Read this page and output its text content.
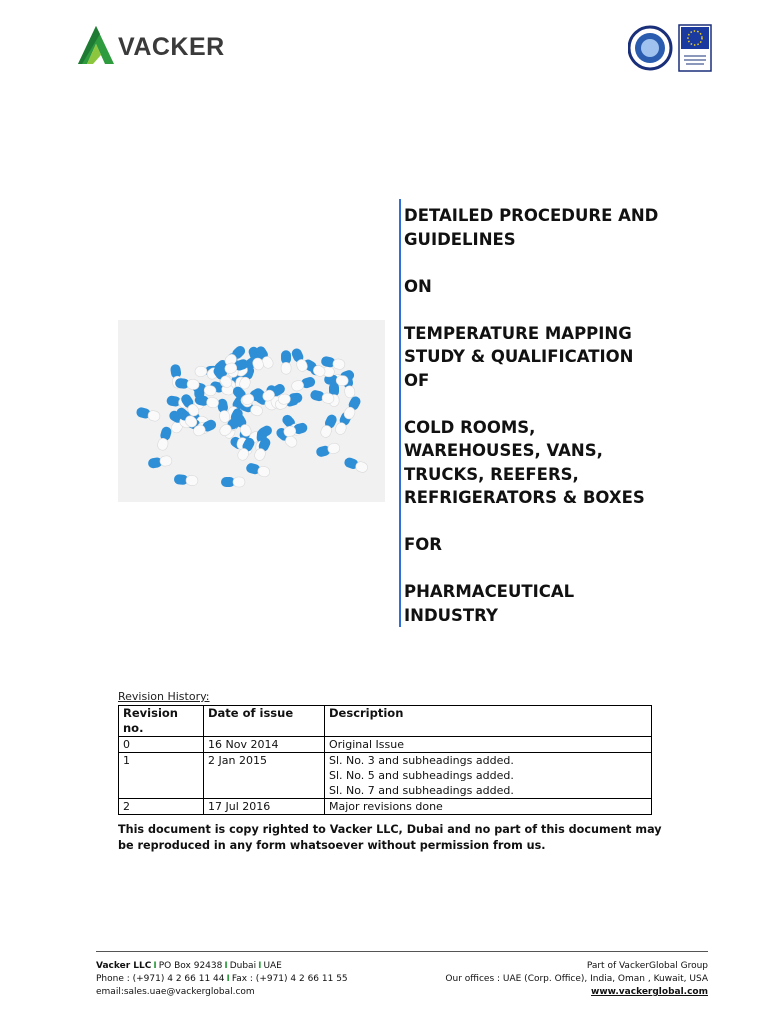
VACKER

DETAILED PROCEDURE AND
GUIDELINES

ON

TEMPERATURE MAPPING
STUDY & QUALIFICATION
OF

COLD ROOMS,
WAREHOUSES, VANS,
TRUCKS, REEFERS,
REFRIGERATORS & BOXES

FOR

PHARMACEUTICAL
INDUSTRY

Revision History:
Revision no.	Date of issue	Description
0	16 Nov 2014	Original Issue

1	2 Jan 2015	Sl. No. 3 and subheadings added.
Sl. No. 5 and subheadings added.
Sl. No. 7 and subheadings added.

2	17 Jul 2016	Major revisions done
This document is copy righted to Vacker LLC, Dubai and no part of this document may be reproduced in any form whatsoever without permission from us.
Vacker LLC I PO Box 92438 I Dubai I UAE
Phone : (+971) 4 2 66 11 44 I Fax : (+971) 4 2 66 11 55
email:sales.uae@vackerglobal.com
Part of VackerGlobal Group
Our offices : UAE (Corp. Office), India, Oman , Kuwait, USA
www.vackerglobal.com
